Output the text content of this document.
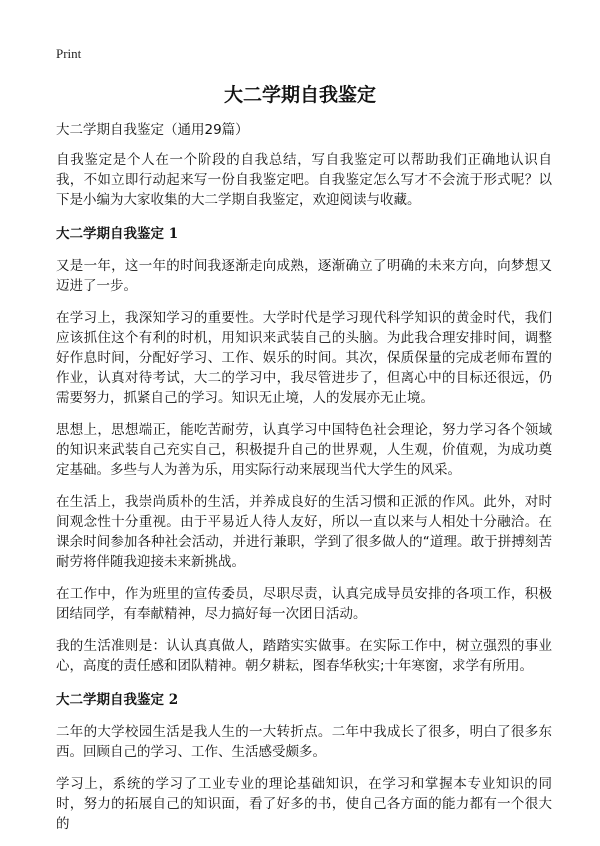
Print
大二学期自我鉴定
大二学期自我鉴定（通用29篇）

自我鉴定是个人在一个阶段的自我总结，写自我鉴定可以帮助我们正确地认识自我，不如立即行动起来写一份自我鉴定吧。自我鉴定怎么写才不会流于形式呢？以下是小编为大家收集的大二学期自我鉴定，欢迎阅读与收藏。

大二学期自我鉴定 1

又是一年，这一年的时间我逐渐走向成熟，逐渐确立了明确的未来方向，向梦想又迈进了一步。

在学习上，我深知学习的重要性。大学时代是学习现代科学知识的黄金时代，我们应该抓住这个有利的时机，用知识来武装自己的头脑。为此我合理安排时间，调整好作息时间，分配好学习、工作、娱乐的时间。其次，保质保量的完成老师布置的作业，认真对待考试，大二的学习中，我尽管进步了，但离心中的目标还很远，仍需要努力，抓紧自己的学习。知识无止境，人的发展亦无止境。

思想上，思想端正，能吃苦耐劳，认真学习中国特色社会理论，努力学习各个领域的知识来武装自己充实自己，积极提升自己的世界观，人生观，价值观，为成功奠定基础。多些与人为善为乐，用实际行动来展现当代大学生的风采。

在生活上，我崇尚质朴的生活，并养成良好的生活习惯和正派的作风。此外，对时间观念性十分重视。由于平易近人待人友好，所以一直以来与人相处十分融洽。在课余时间参加各种社会活动，并进行兼职，学到了很多做人的“道理。敢于拼搏刻苦耐劳将伴随我迎接未来新挑战。

在工作中，作为班里的宣传委员，尽职尽责，认真完成导员安排的各项工作，积极团结同学，有奉献精神，尽力搞好每一次团日活动。

我的生活准则是：认认真真做人，踏踏实实做事。在实际工作中，树立强烈的事业心，高度的责任感和团队精神。朝夕耕耘，图春华秋实;十年寒窗，求学有所用。

大二学期自我鉴定 2

二年的大学校园生活是我人生的一大转折点。二年中我成长了很多，明白了很多东西。回顾自己的学习、工作、生活感受颇多。

学习上，系统的学习了工业专业的理论基础知识，在学习和掌握本专业知识的同时，努力的拓展自己的知识面，看了好多的书，使自己各方面的能力都有一个很大的
